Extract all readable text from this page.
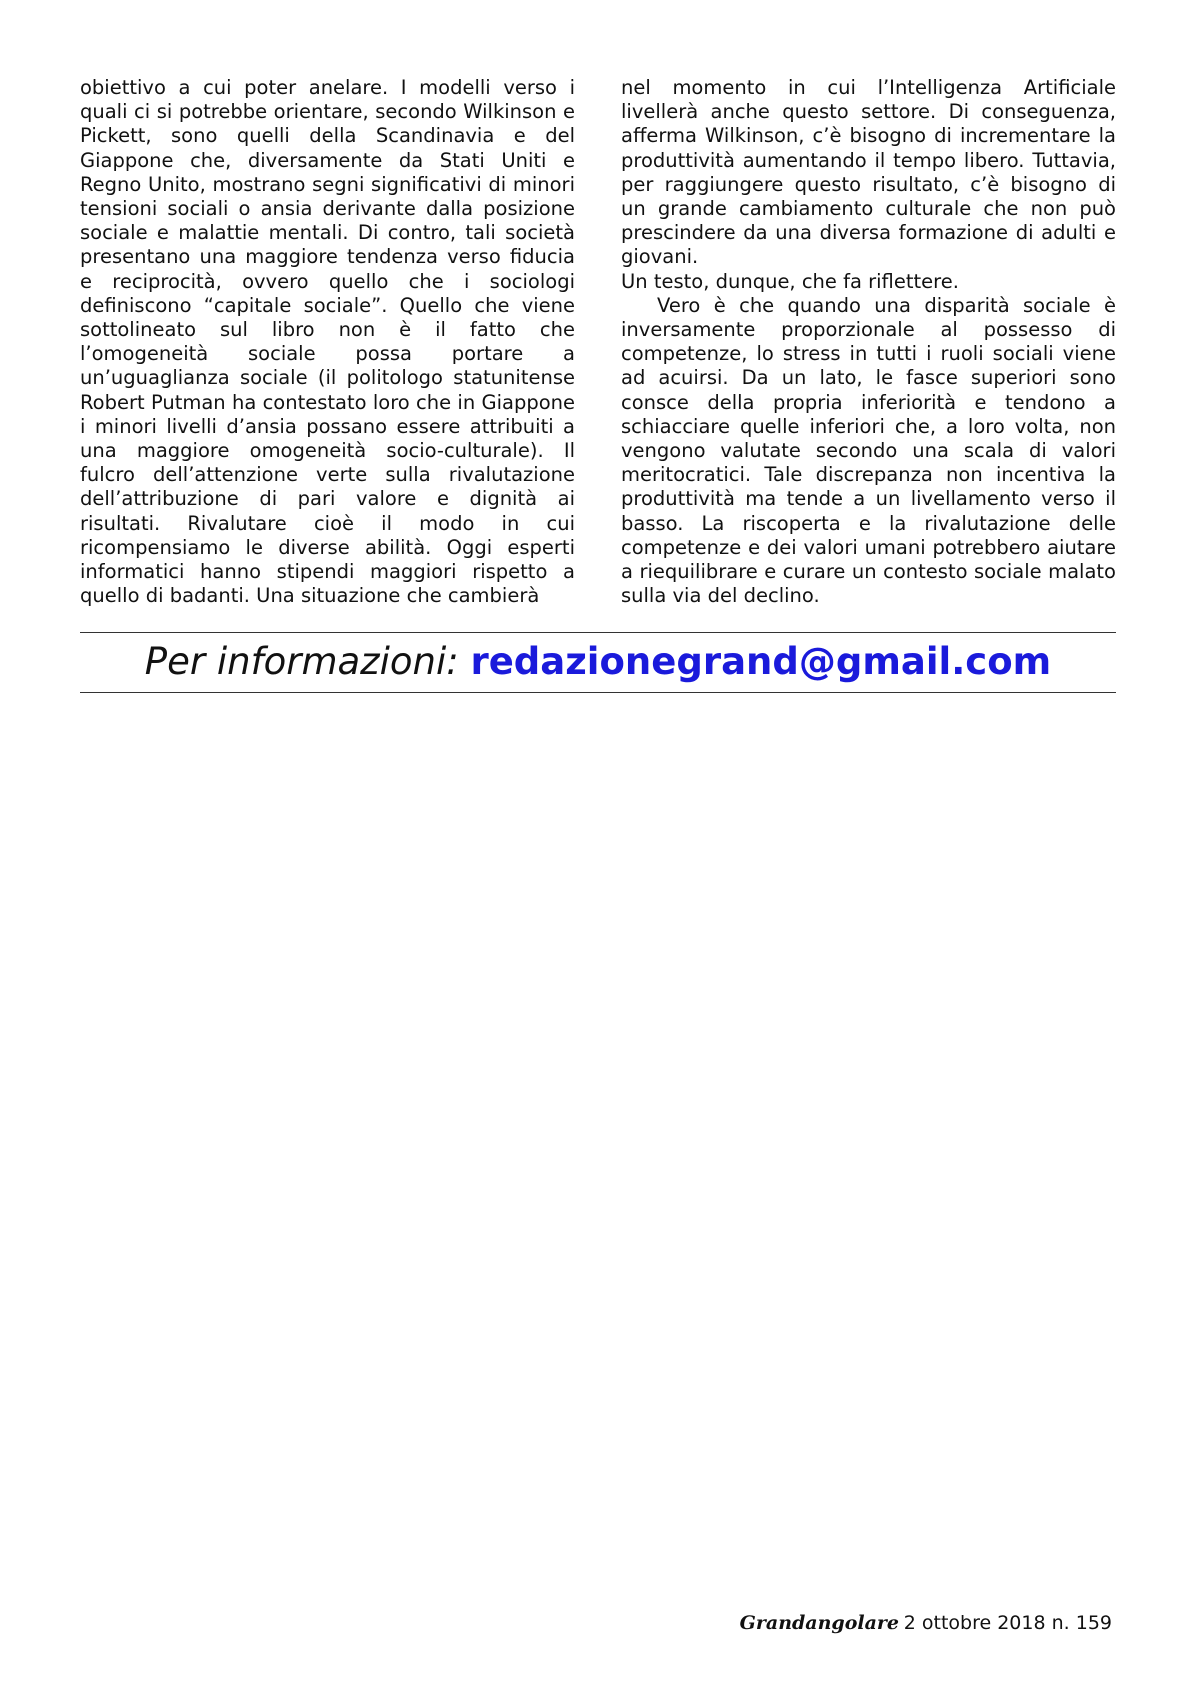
obiettivo a cui poter anelare. I modelli verso i quali ci si potrebbe orientare, secondo Wilkinson e Pickett, sono quelli della Scandinavia e del Giappone che, diversamente da Stati Uniti e Regno Unito, mostrano segni significativi di minori tensioni sociali o ansia derivante dalla posizione sociale e malattie mentali. Di contro, tali società presentano una maggiore tendenza verso fiducia e reciprocità, ovvero quello che i sociologi definiscono “capitale sociale”. Quello che viene sottolineato sul libro non è il fatto che l’omogeneità sociale possa portare a un’uguaglianza sociale (il politologo statunitense Robert Putman ha contestato loro che in Giappone i minori livelli d’ansia possano essere attribuiti a una maggiore omogeneità socio-culturale). Il fulcro dell’attenzione verte sulla rivalutazione dell’attribuzione di pari valore e dignità ai risultati. Rivalutare cioè il modo in cui ricompensiamo le diverse abilità. Oggi esperti informatici hanno stipendi maggiori rispetto a quello di badanti. Una situazione che cambierà

nel momento in cui l’Intelligenza Artificiale livellerà anche questo settore. Di conseguenza, afferma Wilkinson, c’è bisogno di incrementare la produttività aumentando il tempo libero. Tuttavia, per raggiungere questo risultato, c’è bisogno di un grande cambiamento culturale che non può prescindere da una diversa formazione di adulti e giovani.

Un testo, dunque, che fa riflettere.

Vero è che quando una disparità sociale è inversamente proporzionale al possesso di competenze, lo stress in tutti i ruoli sociali viene ad acuirsi. Da un lato, le fasce superiori sono consce della propria inferiorità e tendono a schiacciare quelle inferiori che, a loro volta, non vengono valutate secondo una scala di valori meritocratici. Tale discrepanza non incentiva la produttività ma tende a un livellamento verso il basso. La riscoperta e la rivalutazione delle competenze e dei valori umani potrebbero aiutare a riequilibrare e curare un contesto sociale malato sulla via del declino.

Per informazioni: redazionegrand@gmail.com
Grandangolare 2 ottobre 2018 n. 159
